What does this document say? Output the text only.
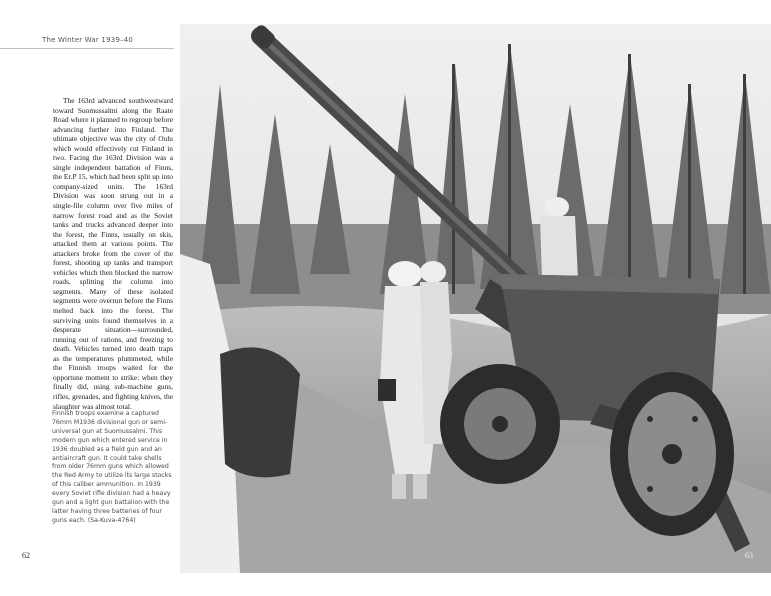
The Winter War 1939–40

The 163rd advanced southwestward toward Suomussalmi along the Raate Road where it planned to regroup before advancing further into Finland. The ultimate objective was the city of Oulu which would effectively cut Finland in two. Facing the 163rd Division was a single independent battalion of Finns, the Er.P 15, which had been split up into company-sized units. The 163rd Division was soon strung out in a single-file column over five miles of narrow forest road and as the Soviet tanks and trucks advanced deeper into the forest, the Finns, usually on skis, attacked them at various points. The attackers broke from the cover of the forest, shooting up tanks and transport vehicles which then blocked the narrow roads, splitting the column into segments. Many of these isolated segments were overrun before the Finns melted back into the forest. The surviving units found themselves in a desperate situation—surrounded, running out of rations, and freezing to death. Vehicles turned into death traps as the temperatures plummeted, while the Finnish troops waited for the opportune moment to strike: when they finally did, using sub-machine guns, rifles, grenades, and fighting knives, the slaughter was almost total.

Finnish troops examine a captured 76mm M1936 divisional gun or semi-universal gun at Suomussalmi. This modern gun which entered service in 1936 doubled as a field gun and an antiaircraft gun. It could take shells from older 76mm guns which allowed the Red Army to utilize its large stocks of this caliber ammunition. In 1939 every Soviet rifle division had a heavy gun and a light gun battalion with the latter having three batteries of four guns each. (Sa-Kuva-4764)

62	63
